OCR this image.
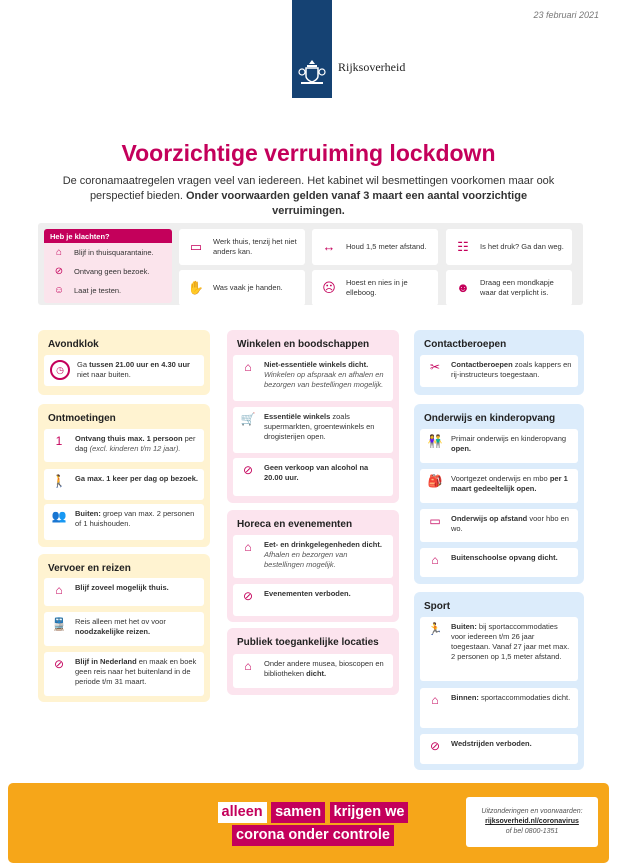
23 februari 2021
Rijksoverheid
Voorzichtige verruiming lockdown

De coronamaatregelen vragen veel van iedereen. Het kabinet wil besmettingen voorkomen maar ook perspectief bieden. Onder voorwaarden gelden vanaf 3 maart een aantal voorzichtige verruimingen.

Heb je klachten?
⌂	Blijf in thuisquarantaine.
⊘	Ontvang geen bezoek.
☺ Laat je testen.
▭	Werk thuis, tenzij het niet anders kan.	↔	Houd 1,5 meter afstand.	☷	Is het druk? Ga dan weg.
✋	Was vaak je handen.	☹	Hoest en nies in je elleboog.	☻	Draag een mondkapje waar dat verplicht is.
Avondklok
◷
Ga tussen 21.00 uur en 4.30 uur niet naar buiten.
Ontmoetingen
1	Ontvang thuis max. 1 persoon per dag (excl. kinderen t/m 12 jaar).
🚶 Ga max. 1 keer per dag op bezoek.
👥 Buiten: groep van max. 2 personen of 1 huishouden.
Vervoer en reizen
⌂	Blijf zoveel mogelijk thuis.
🚆 Reis alleen met het ov voor noodzakelijke reizen.
⊘	Blijf in Nederland en maak en boek geen reis naar het buitenland in de periode t/m 31 maart.
Winkelen en boodschappen
⌂	Niet-essentiële winkels dicht. Winkelen op afspraak en afhalen en bezorgen van bestellingen mogelijk.
🛒 Essentiële winkels zoals supermarkten, groentewinkels en drogisterijen open.
⊘	Geen verkoop van alcohol na 20.00 uur.
Horeca en evenementen
⌂	Eet- en drinkgelegenheden dicht. Afhalen en bezorgen van bestellingen mogelijk.
⊘	Evenementen verboden.
Publiek toegankelijke locaties
⌂	Onder andere musea, bioscopen en bibliotheken dicht.
Contactberoepen
✂	Contactberoepen zoals kappers en rij-instructeurs toegestaan.
Onderwijs en kinderopvang
👫 Primair onderwijs en kinderopvang open.
🎒 Voortgezet onderwijs en mbo per 1 maart gedeeltelijk open.
▭	Onderwijs op afstand voor hbo en wo.
⌂	Buitenschoolse opvang dicht.
Sport
🏃 Buiten: bij sportaccommodaties voor iedereen t/m 26 jaar toegestaan. Vanaf 27 jaar met max. 2 personen op 1,5 meter afstand.
⌂	Binnen: sportaccommodaties dicht.
⊘	Wedstrijden verboden.
alleen samen krijgen we
corona onder controle
Uitzonderingen en voorwaarden:
rijksoverheid.nl/coronavirus
of bel 0800-1351
